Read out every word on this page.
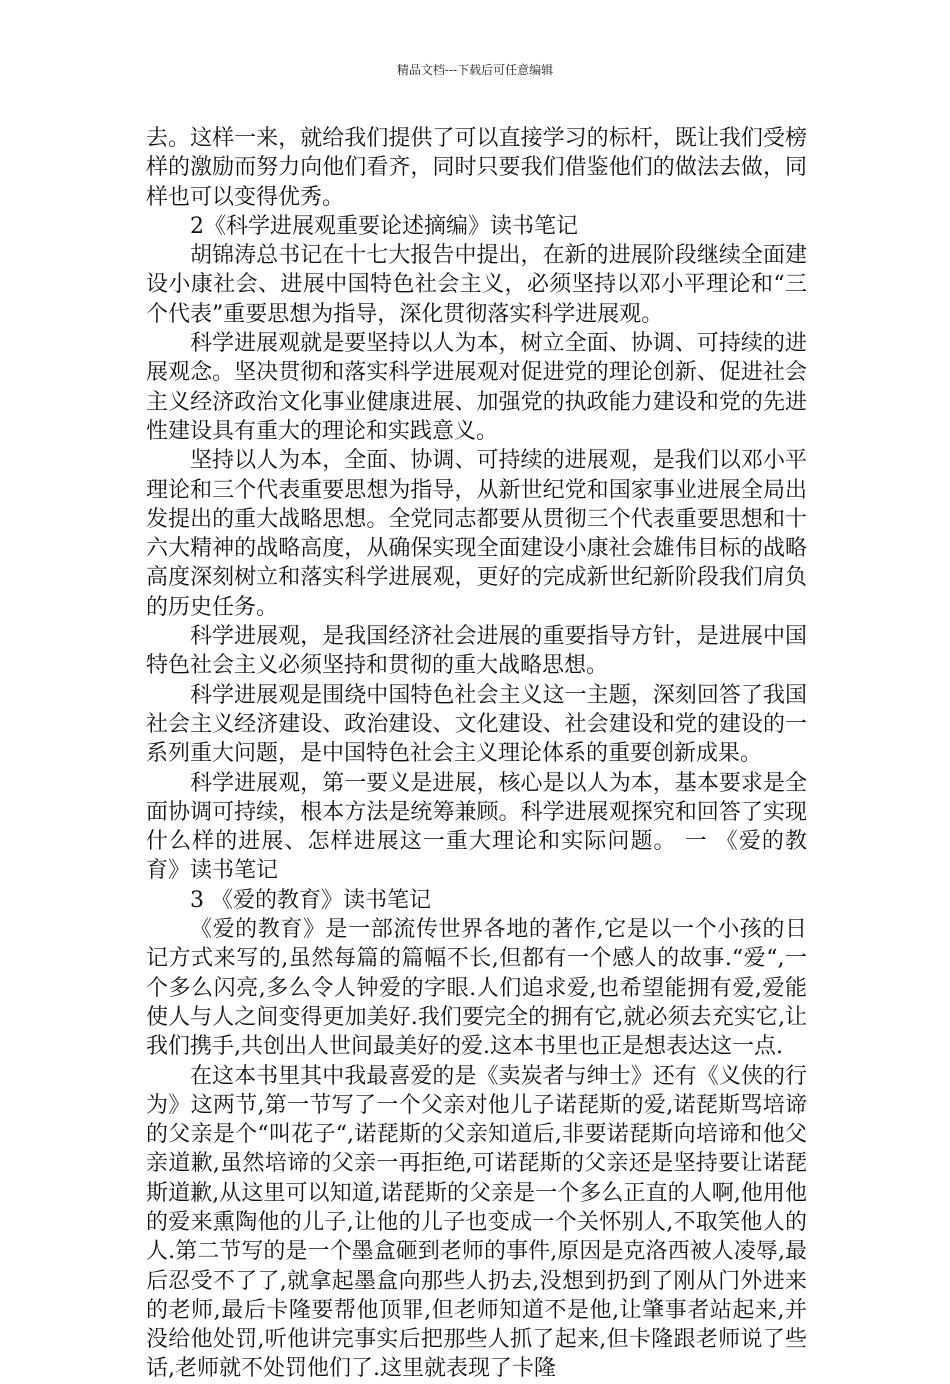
精品文档---下载后可任意编辑

去。这样一来，就给我们提供了可以直接学习的标杆，既让我们受榜样的激励而努力向他们看齐，同时只要我们借鉴他们的做法去做，同样也可以变得优秀。

2《科学进展观重要论述摘编》读书笔记

胡锦涛总书记在十七大报告中提出，在新的进展阶段继续全面建设小康社会、进展中国特色社会主义，必须坚持以邓小平理论和“三个代表”重要思想为指导，深化贯彻落实科学进展观。

科学进展观就是要坚持以人为本，树立全面、协调、可持续的进展观念。坚决贯彻和落实科学进展观对促进党的理论创新、促进社会主义经济政治文化事业健康进展、加强党的执政能力建设和党的先进性建设具有重大的理论和实践意义。

坚持以人为本，全面、协调、可持续的进展观，是我们以邓小平理论和三个代表重要思想为指导，从新世纪党和国家事业进展全局出发提出的重大战略思想。全党同志都要从贯彻三个代表重要思想和十六大精神的战略高度，从确保实现全面建设小康社会雄伟目标的战略高度深刻树立和落实科学进展观，更好的完成新世纪新阶段我们肩负的历史任务。

科学进展观，是我国经济社会进展的重要指导方针，是进展中国特色社会主义必须坚持和贯彻的重大战略思想。

科学进展观是围绕中国特色社会主义这一主题，深刻回答了我国社会主义经济建设、政治建设、文化建设、社会建设和党的建设的一系列重大问题，是中国特色社会主义理论体系的重要创新成果。

科学进展观，第一要义是进展，核心是以人为本，基本要求是全面协调可持续，根本方法是统筹兼顾。科学进展观探究和回答了实现什么样的进展、怎样进展这一重大理论和实际问题。 一 《爱的教育》读书笔记

3 《爱的教育》读书笔记

《爱的教育》是一部流传世界各地的著作,它是以一个小孩的日记方式来写的,虽然每篇的篇幅不长,但都有一个感人的故事.“爱“,一个多么闪亮,多么令人钟爱的字眼.人们追求爱,也希望能拥有爱,爱能使人与人之间变得更加美好.我们要完全的拥有它,就必须去充实它,让我们携手,共创出人世间最美好的爱.这本书里也正是想表达这一点.

在这本书里其中我最喜爱的是《卖炭者与绅士》还有《义侠的行为》这两节,第一节写了一个父亲对他儿子诺琵斯的爱,诺琵斯骂培谛的父亲是个“叫花子“,诺琵斯的父亲知道后,非要诺琵斯向培谛和他父亲道歉,虽然培谛的父亲一再拒绝,可诺琵斯的父亲还是坚持要让诺琵斯道歉,从这里可以知道,诺琵斯的父亲是一个多么正直的人啊,他用他的爱来熏陶他的儿子,让他的儿子也变成一个关怀别人,不取笑他人的人.第二节写的是一个墨盒砸到老师的事件,原因是克洛西被人凌辱,最后忍受不了了,就拿起墨盒向那些人扔去,没想到扔到了刚从门外进来的老师,最后卡隆要帮他顶罪,但老师知道不是他,让肇事者站起来,并没给他处罚,听他讲完事实后把那些人抓了起来,但卡隆跟老师说了些话,老师就不处罚他们了.这里就表现了卡隆
